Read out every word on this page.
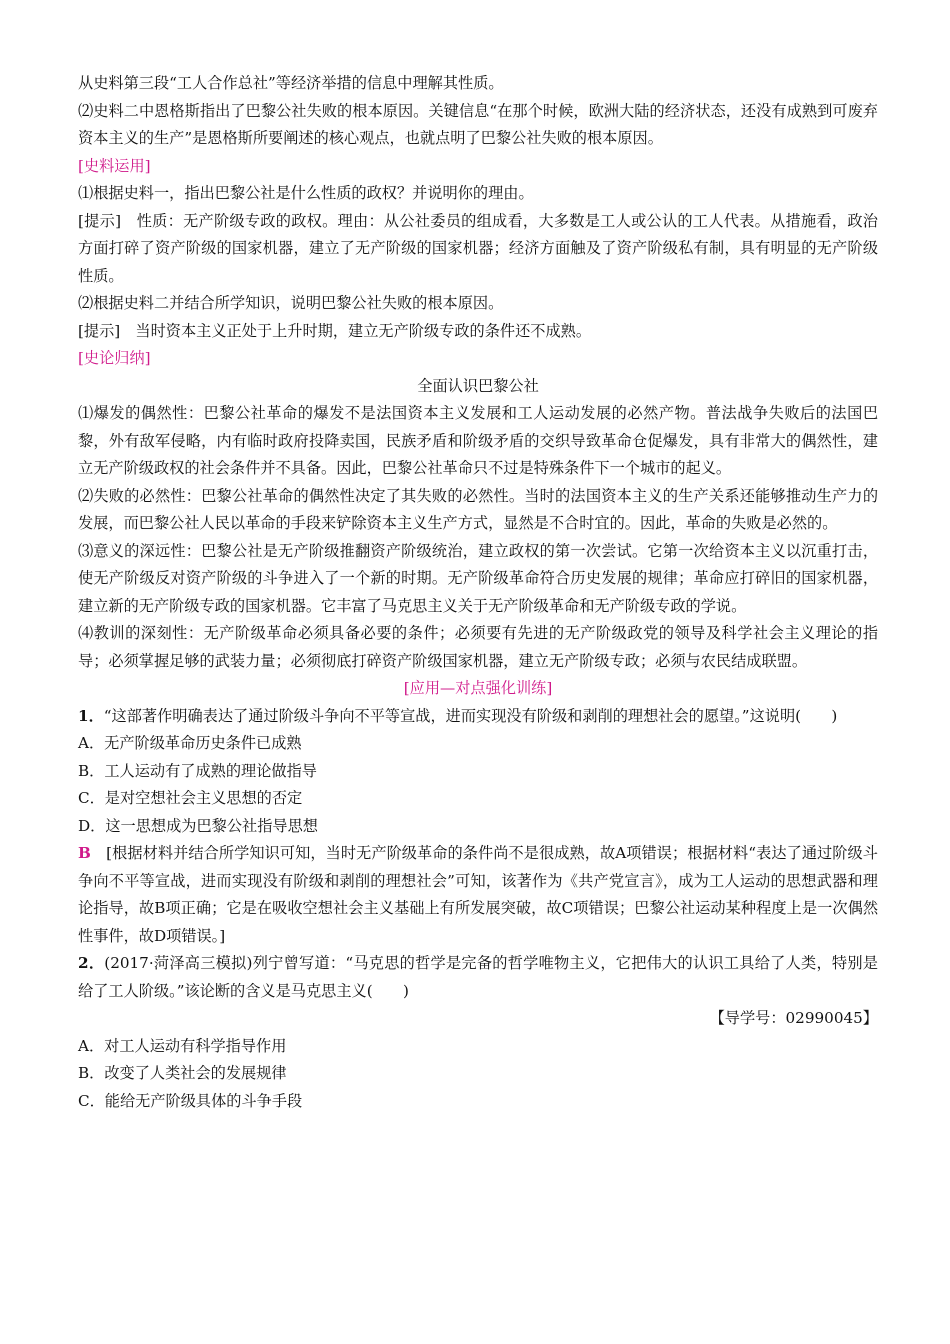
从史料第三段“工人合作总社”等经济举措的信息中理解其性质。

⑵史料二中恩格斯指出了巴黎公社失败的根本原因。关键信息“在那个时候，欧洲大陆的经济状态，还没有成熟到可废弃资本主义的生产”是恩格斯所要阐述的核心观点，也就点明了巴黎公社失败的根本原因。

[史料运用]

⑴根据史料一，指出巴黎公社是什么性质的政权？并说明你的理由。

[提示]　性质：无产阶级专政的政权。理由：从公社委员的组成看，大多数是工人或公认的工人代表。从措施看，政治方面打碎了资产阶级的国家机器，建立了无产阶级的国家机器；经济方面触及了资产阶级私有制，具有明显的无产阶级性质。

⑵根据史料二并结合所学知识，说明巴黎公社失败的根本原因。

[提示]　当时资本主义正处于上升时期，建立无产阶级专政的条件还不成熟。

[史论归纳]

全面认识巴黎公社

⑴爆发的偶然性：巴黎公社革命的爆发不是法国资本主义发展和工人运动发展的必然产物。普法战争失败后的法国巴黎，外有敌军侵略，内有临时政府投降卖国，民族矛盾和阶级矛盾的交织导致革命仓促爆发，具有非常大的偶然性，建立无产阶级政权的社会条件并不具备。因此，巴黎公社革命只不过是特殊条件下一个城市的起义。

⑵失败的必然性：巴黎公社革命的偶然性决定了其失败的必然性。当时的法国资本主义的生产关系还能够推动生产力的发展，而巴黎公社人民以革命的手段来铲除资本主义生产方式，显然是不合时宜的。因此，革命的失败是必然的。

⑶意义的深远性：巴黎公社是无产阶级推翻资产阶级统治，建立政权的第一次尝试。它第一次给资本主义以沉重打击，使无产阶级反对资产阶级的斗争进入了一个新的时期。无产阶级革命符合历史发展的规律；革命应打碎旧的国家机器，建立新的无产阶级专政的国家机器。它丰富了马克思主义关于无产阶级革命和无产阶级专政的学说。

⑷教训的深刻性：无产阶级革命必须具备必要的条件；必须要有先进的无产阶级政党的领导及科学社会主义理论的指导；必须掌握足够的武装力量；必须彻底打碎资产阶级国家机器，建立无产阶级专政；必须与农民结成联盟。

[应用—对点强化训练]

1．“这部著作明确表达了通过阶级斗争向不平等宣战，进而实现没有阶级和剥削的理想社会的愿望。”这说明(　　)

A．无产阶级革命历史条件已成熟

B．工人运动有了成熟的理论做指导

C．是对空想社会主义思想的否定

D．这一思想成为巴黎公社指导思想

B　[根据材料并结合所学知识可知，当时无产阶级革命的条件尚不是很成熟，故A项错误；根据材料“表达了通过阶级斗争向不平等宣战，进而实现没有阶级和剥削的理想社会”可知，该著作为《共产党宣言》，成为工人运动的思想武器和理论指导，故B项正确；它是在吸收空想社会主义基础上有所发展突破，故C项错误；巴黎公社运动某种程度上是一次偶然性事件，故D项错误。]

2．(2017·菏泽高三模拟)列宁曾写道：“马克思的哲学是完备的哲学唯物主义，它把伟大的认识工具给了人类，特别是给了工人阶级。”该论断的含义是马克思主义(　　)

【导学号：02990045】

A．对工人运动有科学指导作用

B．改变了人类社会的发展规律

C．能给无产阶级具体的斗争手段
